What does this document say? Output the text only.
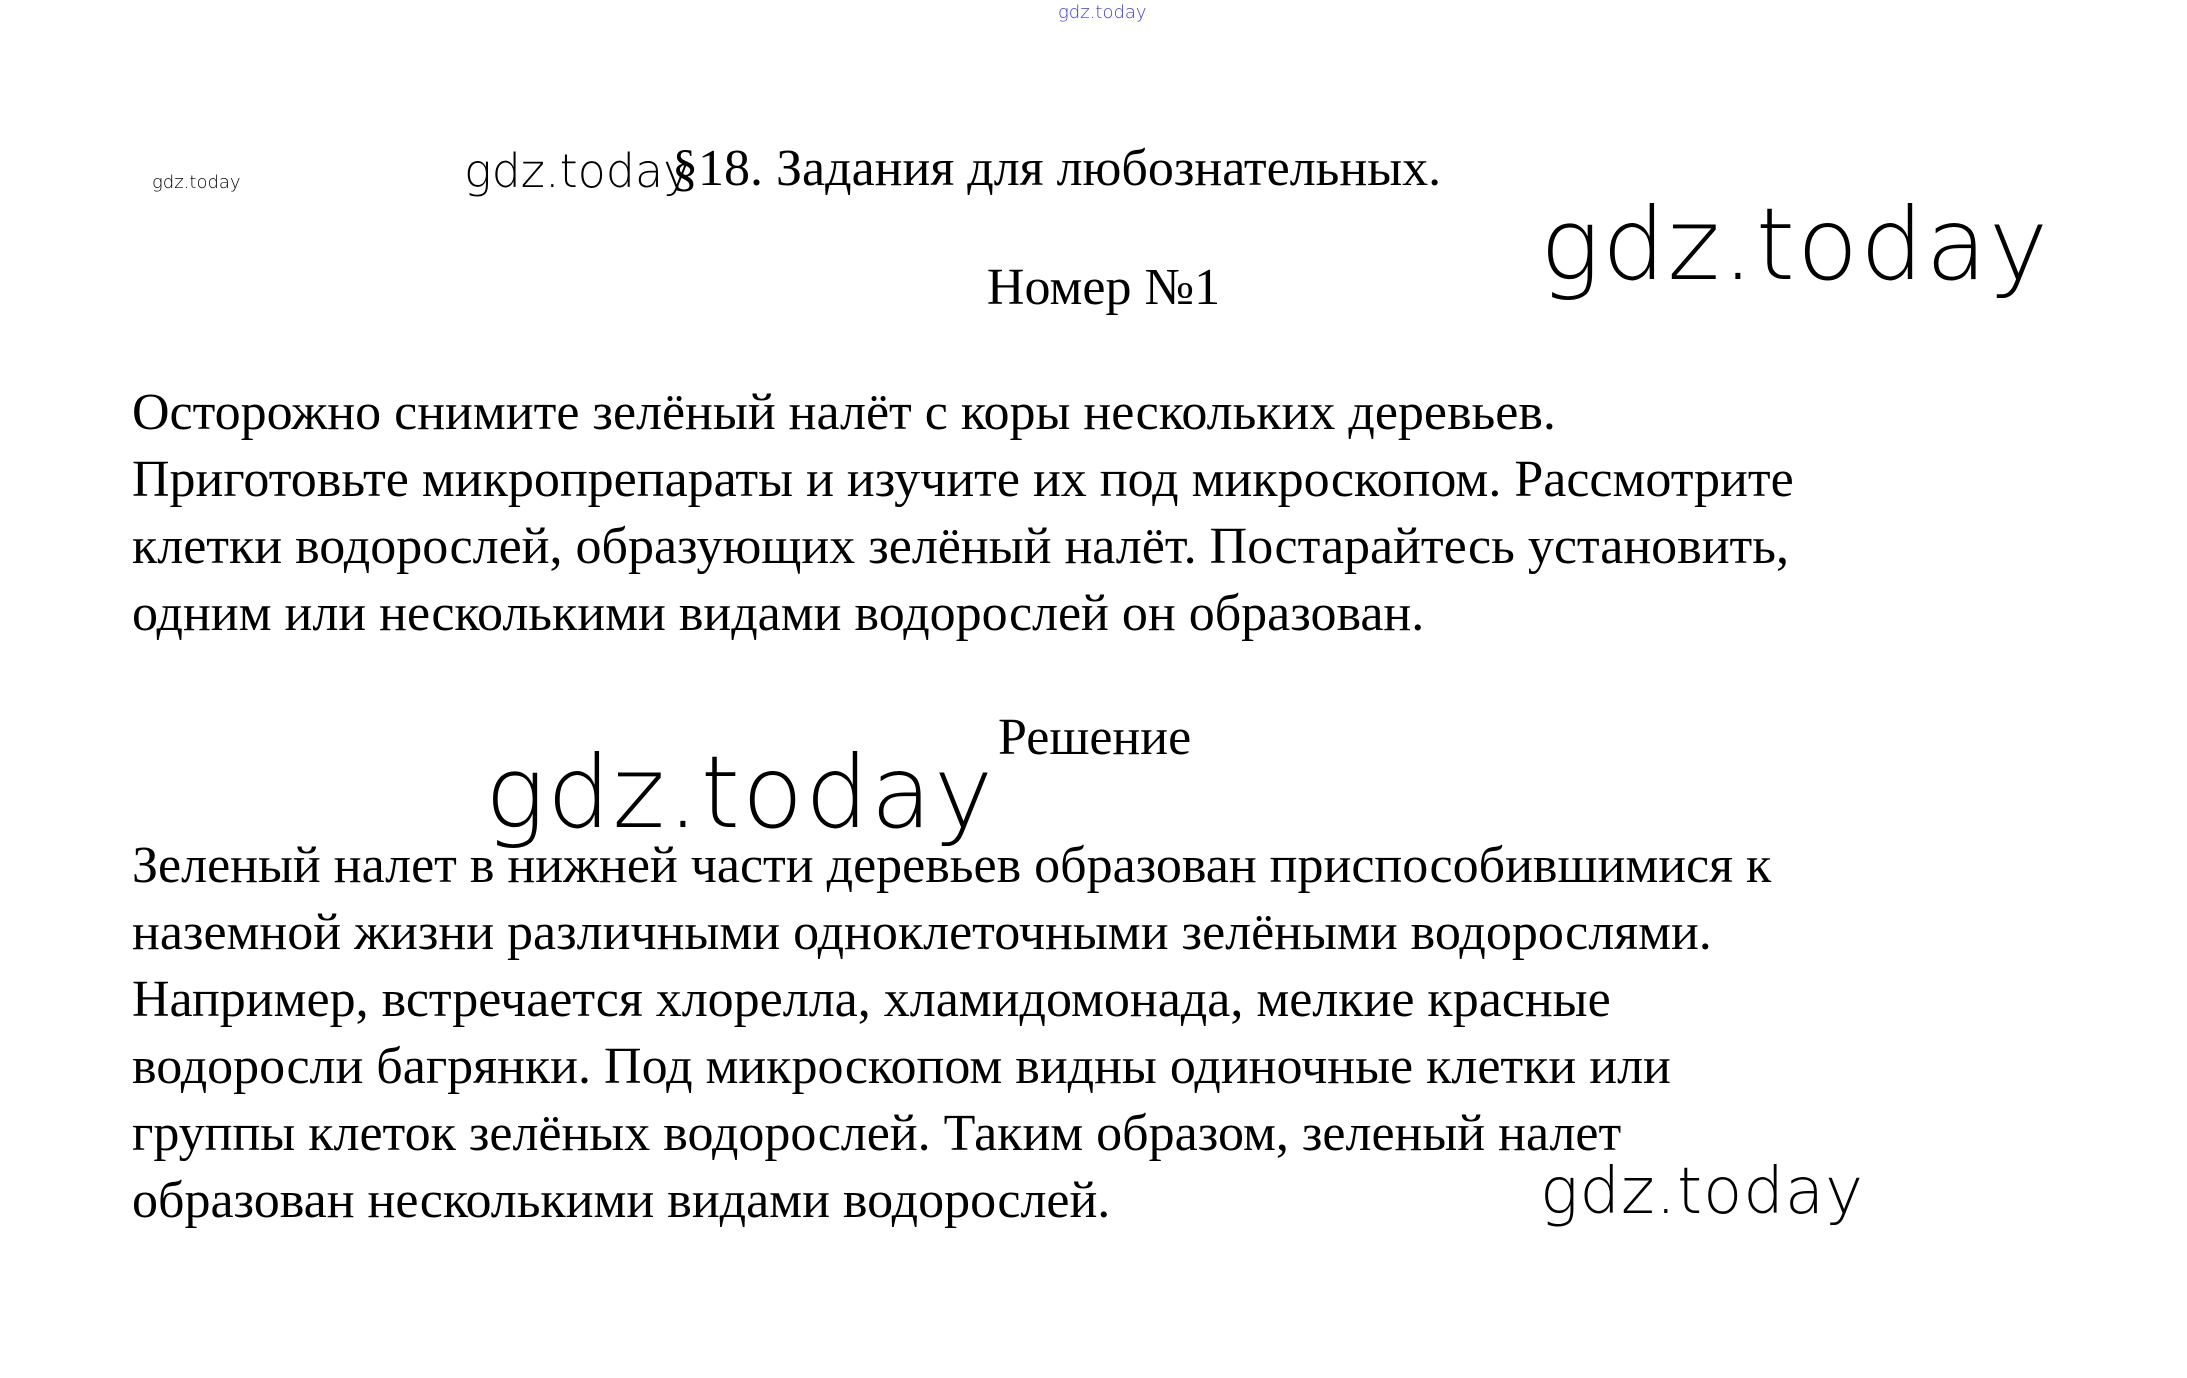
gdz.today
gdz.today	gdz.today
§18. Задания для любознательных.
gdz.today
Номер №1
Осторожно снимите зелёный налёт с коры нескольких деревьев.
Приготовьте микропрепараты и изучите их под микроскопом. Рассмотрите
клетки водорослей, образующих зелёный налёт. Постарайтесь установить,
одним или несколькими видами водорослей он образован.
Решение
gdz.today
Зеленый налет в нижней части деревьев образован приспособившимися к
наземной жизни различными одноклеточными зелёными водорослями.
Например, встречается хлорелла, хламидомонада, мелкие красные
водоросли багрянки. Под микроскопом видны одиночные клетки или
группы клеток зелёных водорослей. Таким образом, зеленый налет
образован несколькими видами водорослей.	gdz.today
